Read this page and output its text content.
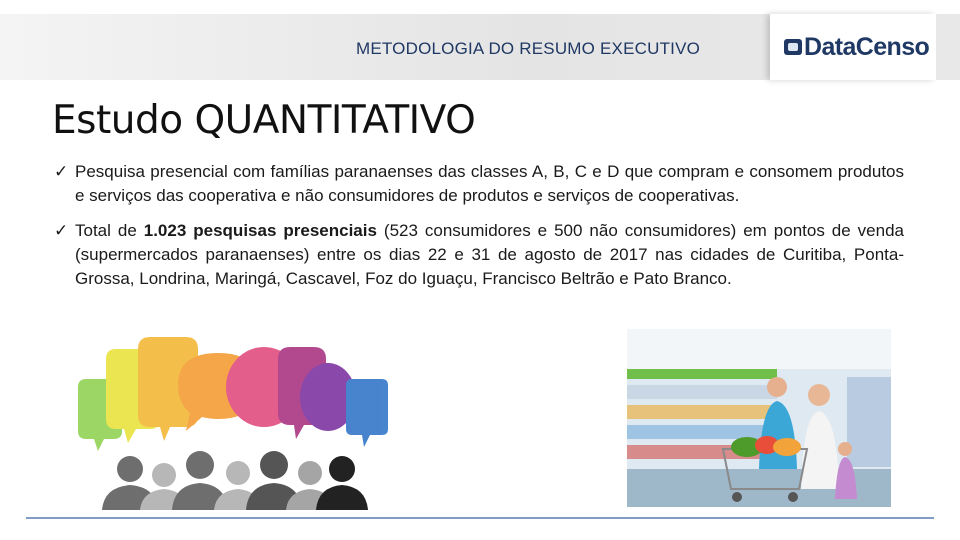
METODOLOGIA DO RESUMO EXECUTIVO	DataCenso
Estudo QUANTITATIVO
✓ Pesquisa presencial com famílias paranaenses das classes A, B, C e D que compram e consomem produtos e serviços das cooperativa e não consumidores de produtos e serviços de cooperativas.
✓ Total de 1.023 pesquisas presenciais (523 consumidores e 500 não consumidores) em pontos de venda (supermercados paranaenses) entre os dias 22 e 31 de agosto de 2017 nas cidades de Curitiba, Ponta-Grossa, Londrina, Maringá, Cascavel, Foz do Iguaçu, Francisco Beltrão e Pato Branco.
